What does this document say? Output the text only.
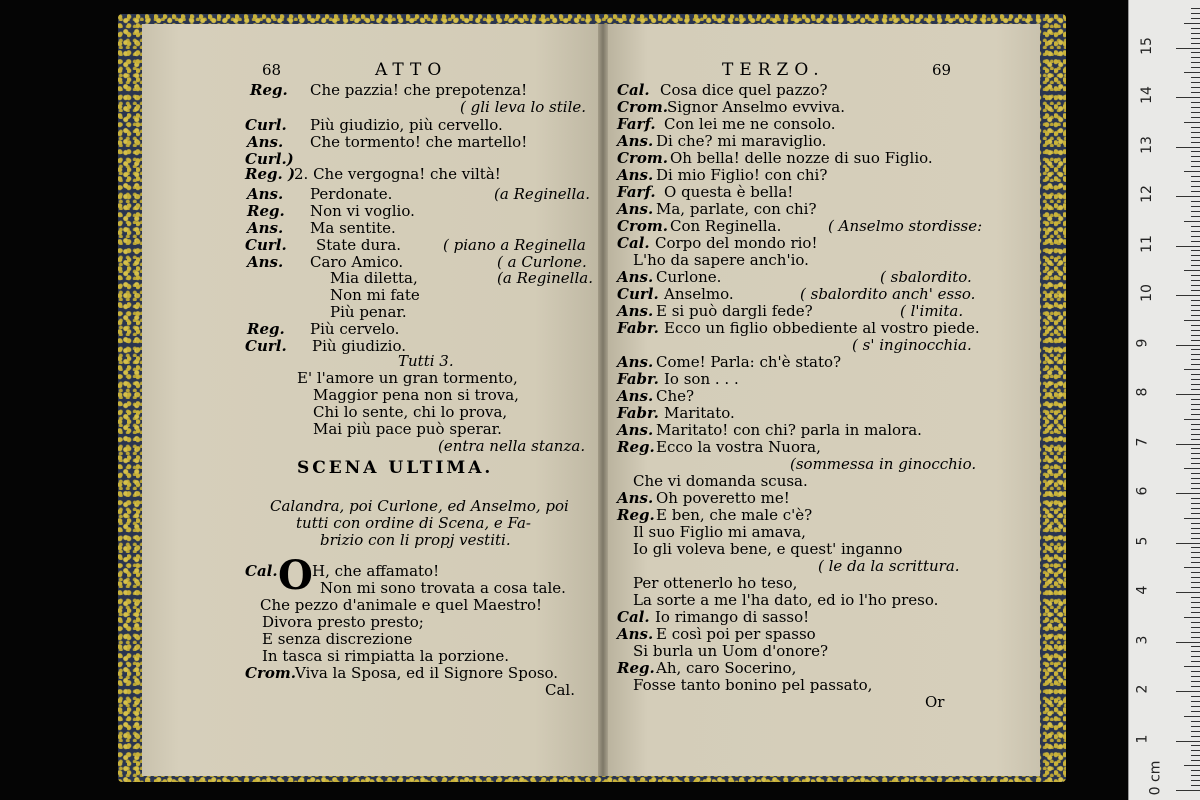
68	ATTO	69
TERZO.
SCENA ULTIMA.
O
Reg. Che pazzia! che prepotenza!
( gli leva lo stile.
Curl. Più giudizio, più cervello.
Ans. Che tormento! che martello!
Curl.)
Reg. )
2. Che vergogna! che viltà!
Ans. Perdonate.	(a Reginella.
Reg. Non vi voglio.
Ans. Ma sentite.
Curl. State dura.	( piano a Reginella
Ans. Caro Amico.	( a Curlone.
Mia diletta,	(a Reginella.
Non mi fate
Più penar.
Reg. Più cervelo.
Curl. Più giudizio.
Tutti 3.
E' l'amore un gran tormento,
Maggior pena non si trova,
Chi lo sente, chi lo prova,
Mai più pace può sperar.
(entra nella stanza.
Calandra, poi Curlone, ed Anselmo, poi
tutti con ordine di Scena, e Fa-
brizio con li propj vestiti.
Cal. H, che affamato!
Non mi sono trovata a cosa tale.
Che pezzo d'animale e quel Maestro!
Divora presto presto;
E senza discrezione
In tasca si rimpiatta la porzione.
Crom. Viva la Sposa, ed il Signore Sposo.
Cal.
Cal. Cosa dice quel pazzo?
Crom. Signor Anselmo evviva.
Farf. Con lei me ne consolo.
Ans. Di che? mi maraviglio.
Crom. Oh bella! delle nozze di suo Figlio.
Ans. Di mio Figlio! con chi?
Farf. O questa è bella!
Ans. Ma, parlate, con chi?
Crom. Con Reginella.	( Anselmo stordisse:
Cal. Corpo del mondo rio!
L'ho da sapere anch'io.
Ans. Curlone.	( sbalordito.
Curl. Anselmo.	( sbalordito anch' esso.
Ans. E si può dargli fede?	( l'imita.
Fabr. Ecco un figlio obbediente al vostro piede.
( s' inginocchia.
Ans. Come! Parla: ch'è stato?
Fabr. Io son . . .
Ans. Che?
Fabr. Maritato.
Ans. Maritato! con chi? parla in malora.
Reg. Ecco la vostra Nuora,
(sommessa in ginocchio.
Che vi domanda scusa.
Ans. Oh poveretto me!
Reg. E ben, che male c'è?
Il suo Figlio mi amava,
Io gli voleva bene, e quest' inganno
( le da la scrittura.
Per ottenerlo ho teso,
La sorte a me l'ha dato, ed io l'ho preso.
Cal. Io rimango di sasso!
Ans. E così poi per spasso
Si burla un Uom d'onore?
Reg. Ah, caro Socerino,
Fosse tanto bonino pel passato,
Or
0 cm
1
2
3
4
5
6
7
8
9
10
11
12
13
14
15
